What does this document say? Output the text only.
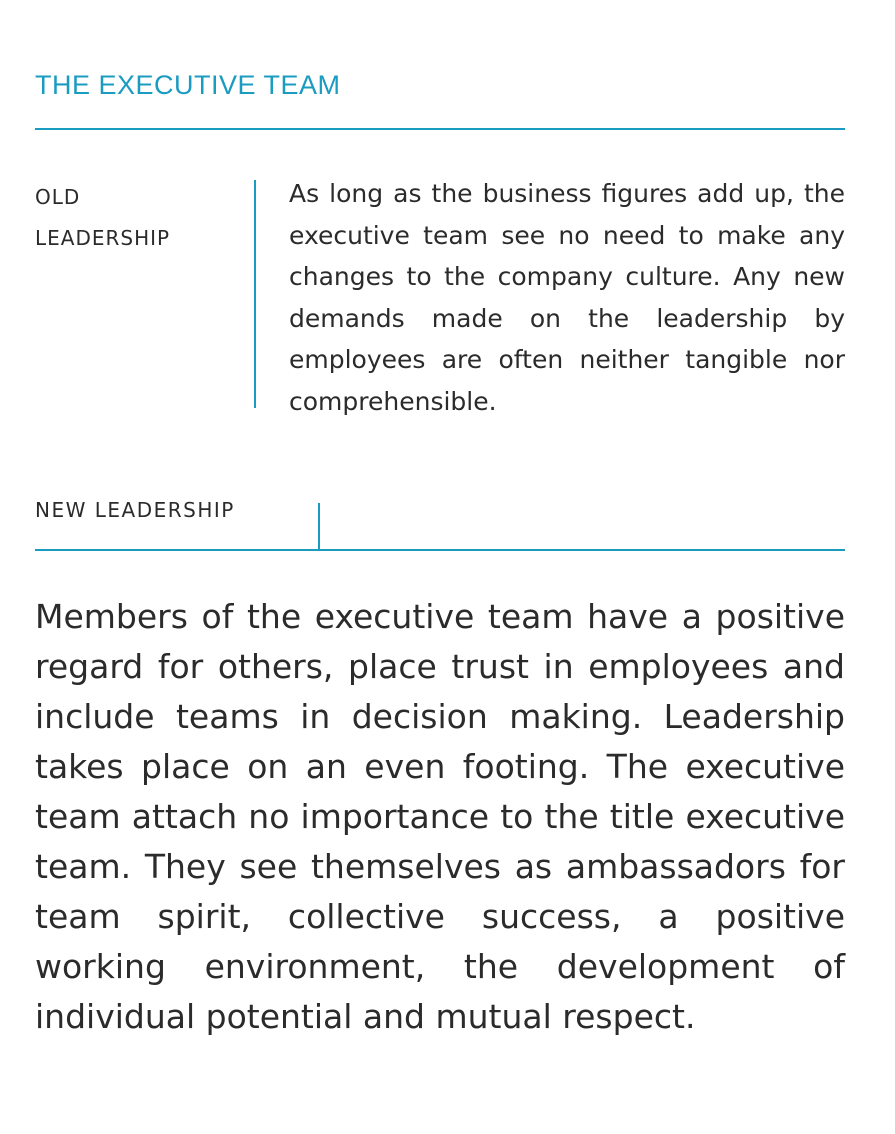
THE EXECUTIVE TEAM
OLD
LEADERSHIP

As long as the business figures add up, the executive team see no need to make any changes to the company culture. Any new demands made on the leadership by employees are often neither tangible nor comprehensible.

NEW LEADERSHIP

Members of the executive team have a positive regard for others, place trust in employees and include teams in decision making. Leadership takes place on an even footing. The executive team attach no importance to the title executive team. They see themselves as ambassadors for team spirit, collective success, a positive working environment, the development of individual potential and mutual respect.
